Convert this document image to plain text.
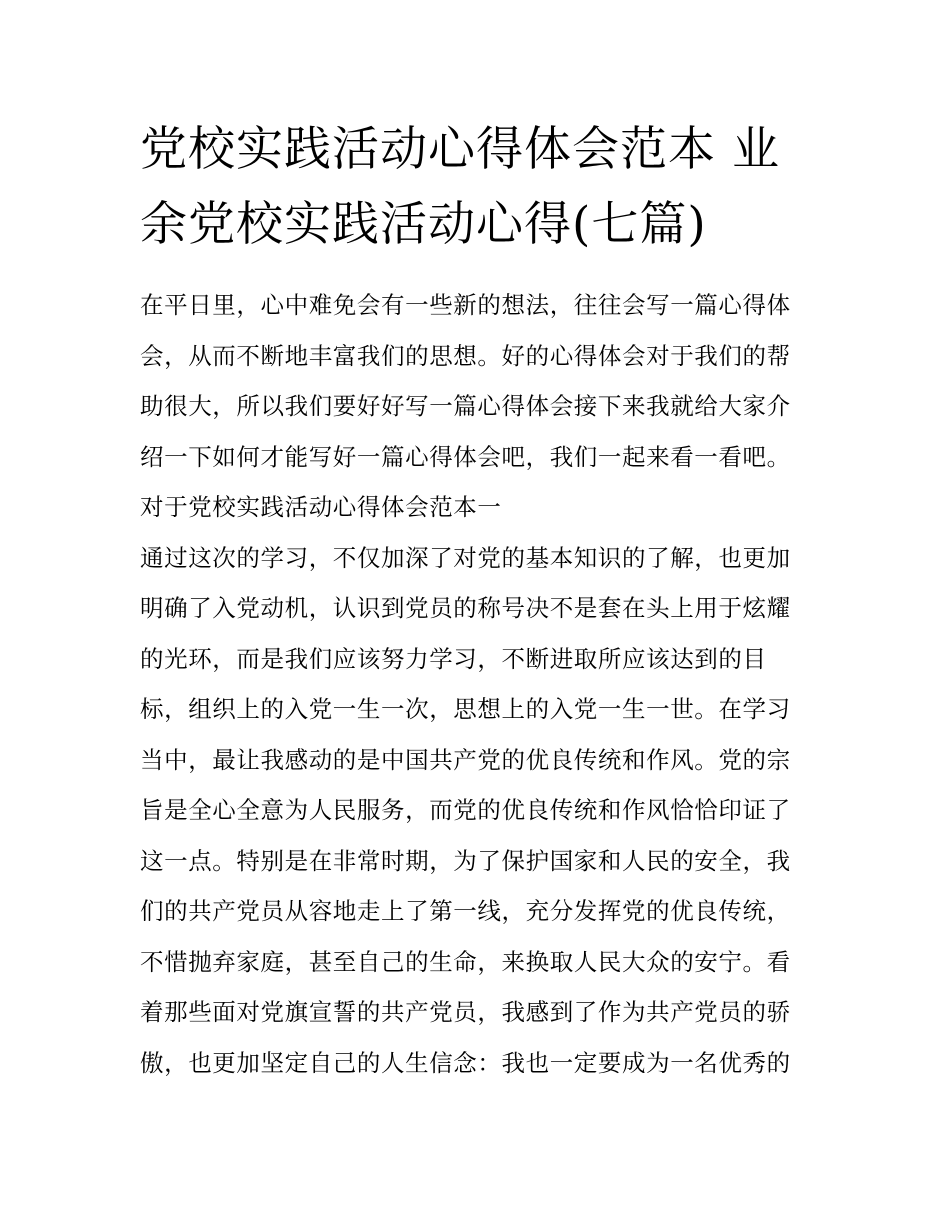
党校实践活动心得体会范本 业
余党校实践活动心得(七篇)
在平日里，心中难免会有一些新的想法，往往会写一篇心得体
会，从而不断地丰富我们的思想。好的心得体会对于我们的帮
助很大，所以我们要好好写一篇心得体会接下来我就给大家介
绍一下如何才能写好一篇心得体会吧，我们一起来看一看吧。
对于党校实践活动心得体会范本一
通过这次的学习，不仅加深了对党的基本知识的了解，也更加
明确了入党动机，认识到党员的称号决不是套在头上用于炫耀
的光环，而是我们应该努力学习，不断进取所应该达到的目
标，组织上的入党一生一次，思想上的入党一生一世。在学习
当中，最让我感动的是中国共产党的优良传统和作风。党的宗
旨是全心全意为人民服务，而党的优良传统和作风恰恰印证了
这一点。特别是在非常时期，为了保护国家和人民的安全，我
们的共产党员从容地走上了第一线，充分发挥党的优良传统，
不惜抛弃家庭，甚至自己的生命，来换取人民大众的安宁。看
着那些面对党旗宣誓的共产党员，我感到了作为共产党员的骄
傲，也更加坚定自己的人生信念：我也一定要成为一名优秀的
